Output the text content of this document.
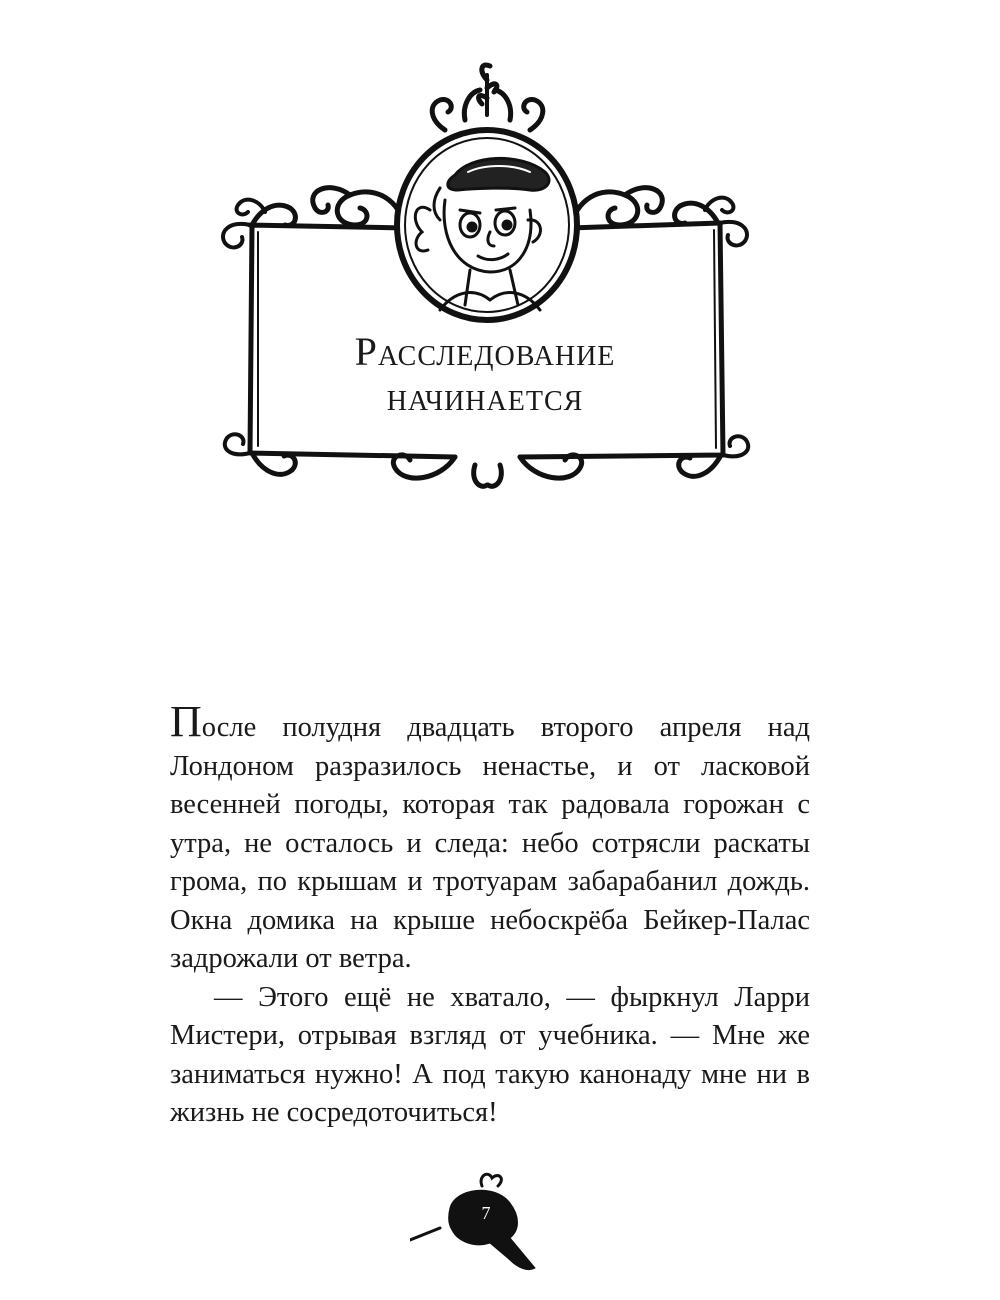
Расследование
начинается

После полудня двадцать второго апреля над Лондоном разразилось ненастье, и от ласковой весенней погоды, которая так радовала горожан с утра, не осталось и следа: небо сотрясли раскаты грома, по крышам и тротуарам забарабанил дождь. Окна домика на крыше небоскрёба Бейкер-Палас задрожали от ветра.

— Этого ещё не хватало, — фыркнул Ларри Мистери, отрывая взгляд от учебника. — Мне же заниматься нужно! А под такую канонаду мне ни в жизнь не сосредоточиться!

7
